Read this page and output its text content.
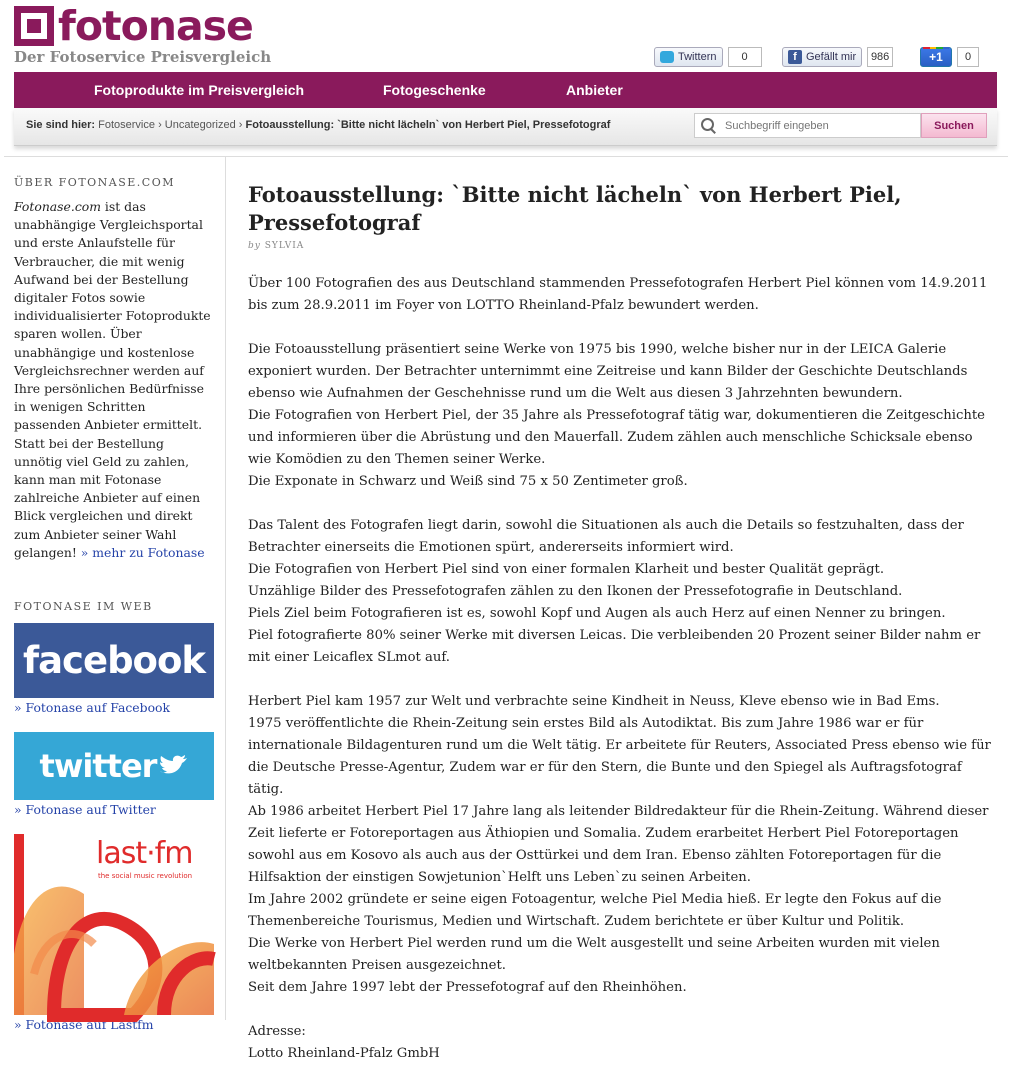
fotonase
Der Fotoservice Preisvergleich	Twittern	0	f Gefällt mir	986	+1	0
Fotoprodukte im Preisvergleich	Fotogeschenke	Anbieter
Sie sind hier: Fotoservice › Uncategorized › Fotoausstellung: `Bitte nicht lächeln` von Herbert Piel, Pressefotograf
Suchbegriff eingeben	Suchen
ÜBER FOTONASE.COM
Fotonase.com ist das unabhängige Vergleichsportal und erste Anlaufstelle für Verbraucher, die mit wenig Aufwand bei der Bestellung digitaler Fotos sowie individualisierter Fotoprodukte sparen wollen. Über unabhängige und kostenlose Vergleichsrechner werden auf Ihre persönlichen Bedürfnisse in wenigen Schritten passenden Anbieter ermittelt. Statt bei der Bestellung unnötig viel Geld zu zahlen, kann man mit Fotonase zahlreiche Anbieter auf einen Blick vergleichen und direkt zum Anbieter seiner Wahl gelangen! » mehr zu Fotonase
FOTONASE IM WEB
facebook
» Fotonase auf Facebook
twitter
» Fotonase auf Twitter
last·fm
the social music revolution
» Fotonase auf Lastfm
Fotoausstellung: `Bitte nicht lächeln` von Herbert Piel, Pressefotograf
by SYLVIA

Über 100 Fotografien des aus Deutschland stammenden Pressefotografen Herbert Piel können vom 14.9.2011 bis zum 28.9.2011 im Foyer von LOTTO Rheinland-Pfalz bewundert werden.

Die Fotoausstellung präsentiert seine Werke von 1975 bis 1990, welche bisher nur in der LEICA Galerie exponiert wurden. Der Betrachter unternimmt eine Zeitreise und kann Bilder der Geschichte Deutschlands ebenso wie Aufnahmen der Geschehnisse rund um die Welt aus diesen 3 Jahrzehnten bewundern.
Die Fotografien von Herbert Piel, der 35 Jahre als Pressefotograf tätig war, dokumentieren die Zeitgeschichte und informieren über die Abrüstung und den Mauerfall. Zudem zählen auch menschliche Schicksale ebenso wie Komödien zu den Themen seiner Werke.
Die Exponate in Schwarz und Weiß sind 75 x 50 Zentimeter groß.

Das Talent des Fotografen liegt darin, sowohl die Situationen als auch die Details so festzuhalten, dass der Betrachter einerseits die Emotionen spürt, andererseits informiert wird.
Die Fotografien von Herbert Piel sind von einer formalen Klarheit und bester Qualität geprägt.
Unzählige Bilder des Pressefotografen zählen zu den Ikonen der Pressefotografie in Deutschland.
Piels Ziel beim Fotografieren ist es, sowohl Kopf und Augen als auch Herz auf einen Nenner zu bringen.
Piel fotografierte 80% seiner Werke mit diversen Leicas. Die verbleibenden 20 Prozent seiner Bilder nahm er mit einer Leicaflex SLmot auf.

Herbert Piel kam 1957 zur Welt und verbrachte seine Kindheit in Neuss, Kleve ebenso wie in Bad Ems.
1975 veröffentlichte die Rhein-Zeitung sein erstes Bild als Autodiktat. Bis zum Jahre 1986 war er für internationale Bildagenturen rund um die Welt tätig. Er arbeitete für Reuters, Associated Press ebenso wie für die Deutsche Presse-Agentur, Zudem war er für den Stern, die Bunte und den Spiegel als Auftragsfotograf tätig.
Ab 1986 arbeitet Herbert Piel 17 Jahre lang als leitender Bildredakteur für die Rhein-Zeitung. Während dieser Zeit lieferte er Fotoreportagen aus Äthiopien und Somalia. Zudem erarbeitet Herbert Piel Fotoreportagen sowohl aus em Kosovo als auch aus der Osttürkei und dem Iran. Ebenso zählten Fotoreportagen für die Hilfsaktion der einstigen Sowjetunion`Helft uns Leben`zu seinen Arbeiten.
Im Jahre 2002 gründete er seine eigen Fotoagentur, welche Piel Media hieß. Er legte den Fokus auf die Themenbereiche Tourismus, Medien und Wirtschaft. Zudem berichtete er über Kultur und Politik.
Die Werke von Herbert Piel werden rund um die Welt ausgestellt und seine Arbeiten wurden mit vielen weltbekannten Preisen ausgezeichnet.
Seit dem Jahre 1997 lebt der Pressefotograf auf den Rheinhöhen.

Adresse:
Lotto Rheinland-Pfalz GmbH
